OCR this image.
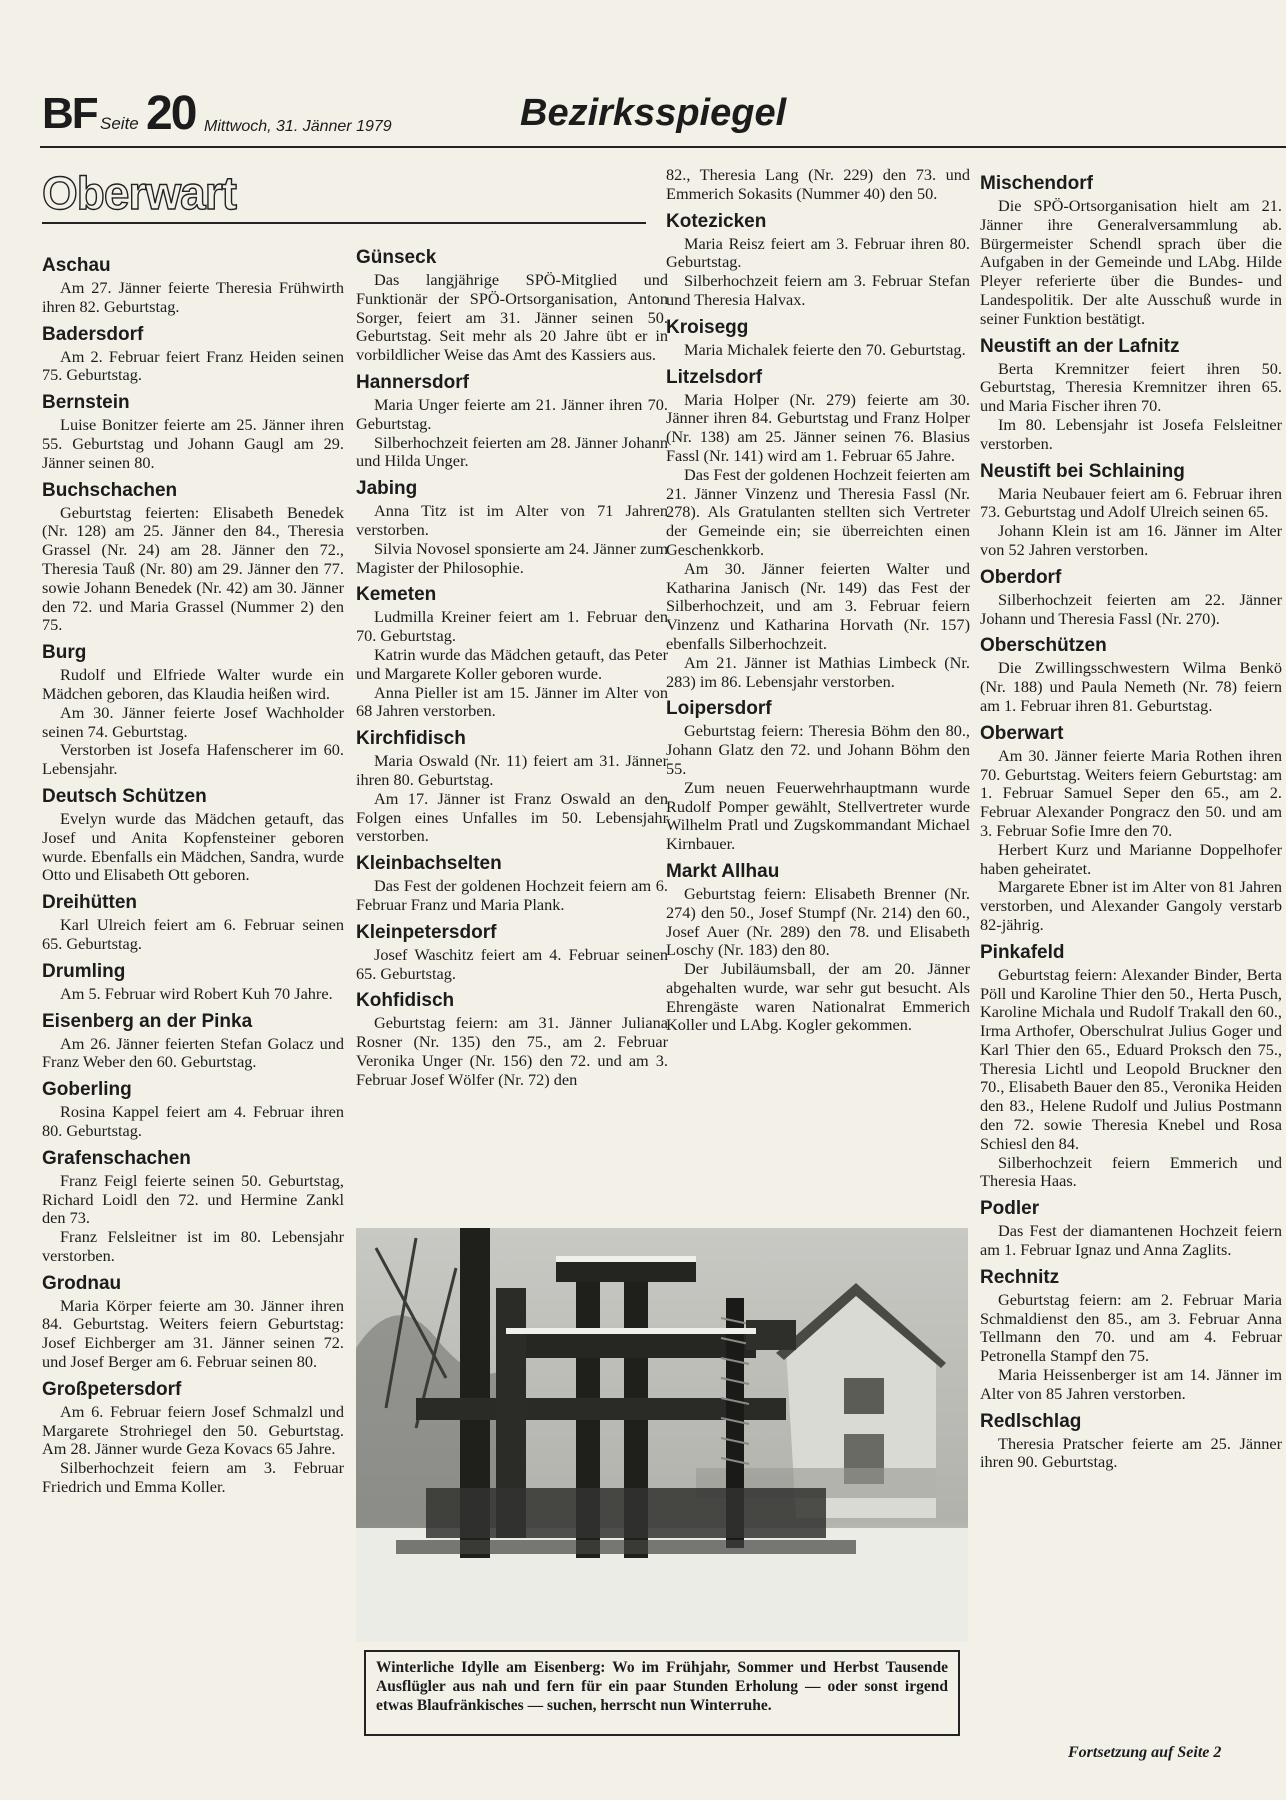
BF Seite 20 Mittwoch, 31. Jänner 1979	Bezirksspiegel
Oberwart
Aschau

Am 27. Jänner feierte Theresia Frühwirth ihren 82. Geburtstag.

Badersdorf

Am 2. Februar feiert Franz Heiden seinen 75. Geburtstag.

Bernstein

Luise Bonitzer feierte am 25. Jänner ihren 55. Geburtstag und Johann Gaugl am 29. Jänner seinen 80.

Buchschachen

Geburtstag feierten: Elisabeth Benedek (Nr. 128) am 25. Jänner den 84., Theresia Grassel (Nr. 24) am 28. Jänner den 72., Theresia Tauß (Nr. 80) am 29. Jänner den 77. sowie Johann Benedek (Nr. 42) am 30. Jänner den 72. und Maria Grassel (Nummer 2) den 75.

Burg

Rudolf und Elfriede Walter wurde ein Mädchen geboren, das Klaudia heißen wird.

Am 30. Jänner feierte Josef Wachholder seinen 74. Geburtstag.

Verstorben ist Josefa Hafenscherer im 60. Lebensjahr.

Deutsch Schützen

Evelyn wurde das Mädchen getauft, das Josef und Anita Kopfensteiner geboren wurde. Ebenfalls ein Mädchen, Sandra, wurde Otto und Elisabeth Ott geboren.

Dreihütten

Karl Ulreich feiert am 6. Februar seinen 65. Geburtstag.

Drumling

Am 5. Februar wird Robert Kuh 70 Jahre.

Eisenberg an der Pinka

Am 26. Jänner feierten Stefan Golacz und Franz Weber den 60. Geburtstag.

Goberling

Rosina Kappel feiert am 4. Februar ihren 80. Geburtstag.

Grafenschachen

Franz Feigl feierte seinen 50. Geburtstag, Richard Loidl den 72. und Hermine Zankl den 73.

Franz Felsleitner ist im 80. Lebensjahr verstorben.

Grodnau

Maria Körper feierte am 30. Jänner ihren 84. Geburtstag. Weiters feiern Geburtstag: Josef Eichberger am 31. Jänner seinen 72. und Josef Berger am 6. Februar seinen 80.

Großpetersdorf

Am 6. Februar feiern Josef Schmalzl und Margarete Strohriegel den 50. Geburtstag. Am 28. Jänner wurde Geza Kovacs 65 Jahre.

Silberhochzeit feiern am 3. Februar Friedrich und Emma Koller.

Günseck

Das langjährige SPÖ-Mitglied und Funktionär der SPÖ-Ortsorganisation, Anton Sorger, feiert am 31. Jänner seinen 50. Geburtstag. Seit mehr als 20 Jahre übt er in vorbildlicher Weise das Amt des Kassiers aus.

Hannersdorf

Maria Unger feierte am 21. Jänner ihren 70. Geburtstag.

Silberhochzeit feierten am 28. Jänner Johann und Hilda Unger.

Jabing

Anna Titz ist im Alter von 71 Jahren verstorben.

Silvia Novosel sponsierte am 24. Jänner zum Magister der Philosophie.

Kemeten

Ludmilla Kreiner feiert am 1. Februar den 70. Geburtstag.

Katrin wurde das Mädchen getauft, das Peter und Margarete Koller geboren wurde.

Anna Pieller ist am 15. Jänner im Alter von 68 Jahren verstorben.

Kirchfidisch

Maria Oswald (Nr. 11) feiert am 31. Jänner ihren 80. Geburtstag.

Am 17. Jänner ist Franz Oswald an den Folgen eines Unfalles im 50. Lebensjahr verstorben.

Kleinbachselten

Das Fest der goldenen Hochzeit feiern am 6. Februar Franz und Maria Plank.

Kleinpetersdorf

Josef Waschitz feiert am 4. Februar seinen 65. Geburtstag.

Kohfidisch

Geburtstag feiern: am 31. Jänner Juliana Rosner (Nr. 135) den 75., am 2. Februar Veronika Unger (Nr. 156) den 72. und am 3. Februar Josef Wölfer (Nr. 72) den

82., Theresia Lang (Nr. 229) den 73. und Emmerich Sokasits (Nummer 40) den 50.

Kotezicken

Maria Reisz feiert am 3. Februar ihren 80. Geburtstag.

Silberhochzeit feiern am 3. Februar Stefan und Theresia Halvax.

Kroisegg

Maria Michalek feierte den 70. Geburtstag.

Litzelsdorf

Maria Holper (Nr. 279) feierte am 30. Jänner ihren 84. Geburtstag und Franz Holper (Nr. 138) am 25. Jänner seinen 76. Blasius Fassl (Nr. 141) wird am 1. Februar 65 Jahre.

Das Fest der goldenen Hochzeit feierten am 21. Jänner Vinzenz und Theresia Fassl (Nr. 278). Als Gratulanten stellten sich Vertreter der Gemeinde ein; sie überreichten einen Geschenkkorb.

Am 30. Jänner feierten Walter und Katharina Janisch (Nr. 149) das Fest der Silberhochzeit, und am 3. Februar feiern Vinzenz und Katharina Horvath (Nr. 157) ebenfalls Silberhochzeit.

Am 21. Jänner ist Mathias Limbeck (Nr. 283) im 86. Lebensjahr verstorben.

Loipersdorf

Geburtstag feiern: Theresia Böhm den 80., Johann Glatz den 72. und Johann Böhm den 55.

Zum neuen Feuerwehrhauptmann wurde Rudolf Pomper gewählt, Stellvertreter wurde Wilhelm Pratl und Zugskommandant Michael Kirnbauer.

Markt Allhau

Geburtstag feiern: Elisabeth Brenner (Nr. 274) den 50., Josef Stumpf (Nr. 214) den 60., Josef Auer (Nr. 289) den 78. und Elisabeth Loschy (Nr. 183) den 80.

Der Jubiläumsball, der am 20. Jänner abgehalten wurde, war sehr gut besucht. Als Ehrengäste waren Nationalrat Emmerich Koller und LAbg. Kogler gekommen.

Mischendorf

Die SPÖ-Ortsorganisation hielt am 21. Jänner ihre Generalversammlung ab. Bürgermeister Schendl sprach über die Aufgaben in der Gemeinde und LAbg. Hilde Pleyer referierte über die Bundes- und Landespolitik. Der alte Ausschuß wurde in seiner Funktion bestätigt.

Neustift an der Lafnitz

Berta Kremnitzer feiert ihren 50. Geburtstag, Theresia Kremnitzer ihren 65. und Maria Fischer ihren 70.

Im 80. Lebensjahr ist Josefa Felsleitner verstorben.

Neustift bei Schlaining

Maria Neubauer feiert am 6. Februar ihren 73. Geburtstag und Adolf Ulreich seinen 65.

Johann Klein ist am 16. Jänner im Alter von 52 Jahren verstorben.

Oberdorf

Silberhochzeit feierten am 22. Jänner Johann und Theresia Fassl (Nr. 270).

Oberschützen

Die Zwillingsschwestern Wilma Benkö (Nr. 188) und Paula Nemeth (Nr. 78) feiern am 1. Februar ihren 81. Geburtstag.

Oberwart

Am 30. Jänner feierte Maria Rothen ihren 70. Geburtstag. Weiters feiern Geburtstag: am 1. Februar Samuel Seper den 65., am 2. Februar Alexander Pongracz den 50. und am 3. Februar Sofie Imre den 70.

Herbert Kurz und Marianne Doppelhofer haben geheiratet.

Margarete Ebner ist im Alter von 81 Jahren verstorben, und Alexander Gangoly verstarb 82-jährig.

Pinkafeld

Geburtstag feiern: Alexander Binder, Berta Pöll und Karoline Thier den 50., Herta Pusch, Karoline Michala und Rudolf Trakall den 60., Irma Arthofer, Oberschulrat Julius Goger und Karl Thier den 65., Eduard Proksch den 75., Theresia Lichtl und Leopold Bruckner den 70., Elisabeth Bauer den 85., Veronika Heiden den 83., Helene Rudolf und Julius Postmann den 72. sowie Theresia Knebel und Rosa Schiesl den 84.

Silberhochzeit feiern Emmerich und Theresia Haas.

Podler

Das Fest der diamantenen Hochzeit feiern am 1. Februar Ignaz und Anna Zaglits.

Rechnitz

Geburtstag feiern: am 2. Februar Maria Schmaldienst den 85., am 3. Februar Anna Tellmann den 70. und am 4. Februar Petronella Stampf den 75.

Maria Heissenberger ist am 14. Jänner im Alter von 85 Jahren verstorben.

Redlschlag

Theresia Pratscher feierte am 25. Jänner ihren 90. Geburtstag.

Winterliche Idylle am Eisenberg: Wo im Frühjahr, Sommer und Herbst Tausende Ausflügler aus nah und fern für ein paar Stunden Erholung — oder sonst irgend etwas Blaufränkisches — suchen, herrscht nun Winterruhe.
Fortsetzung auf Seite 2
